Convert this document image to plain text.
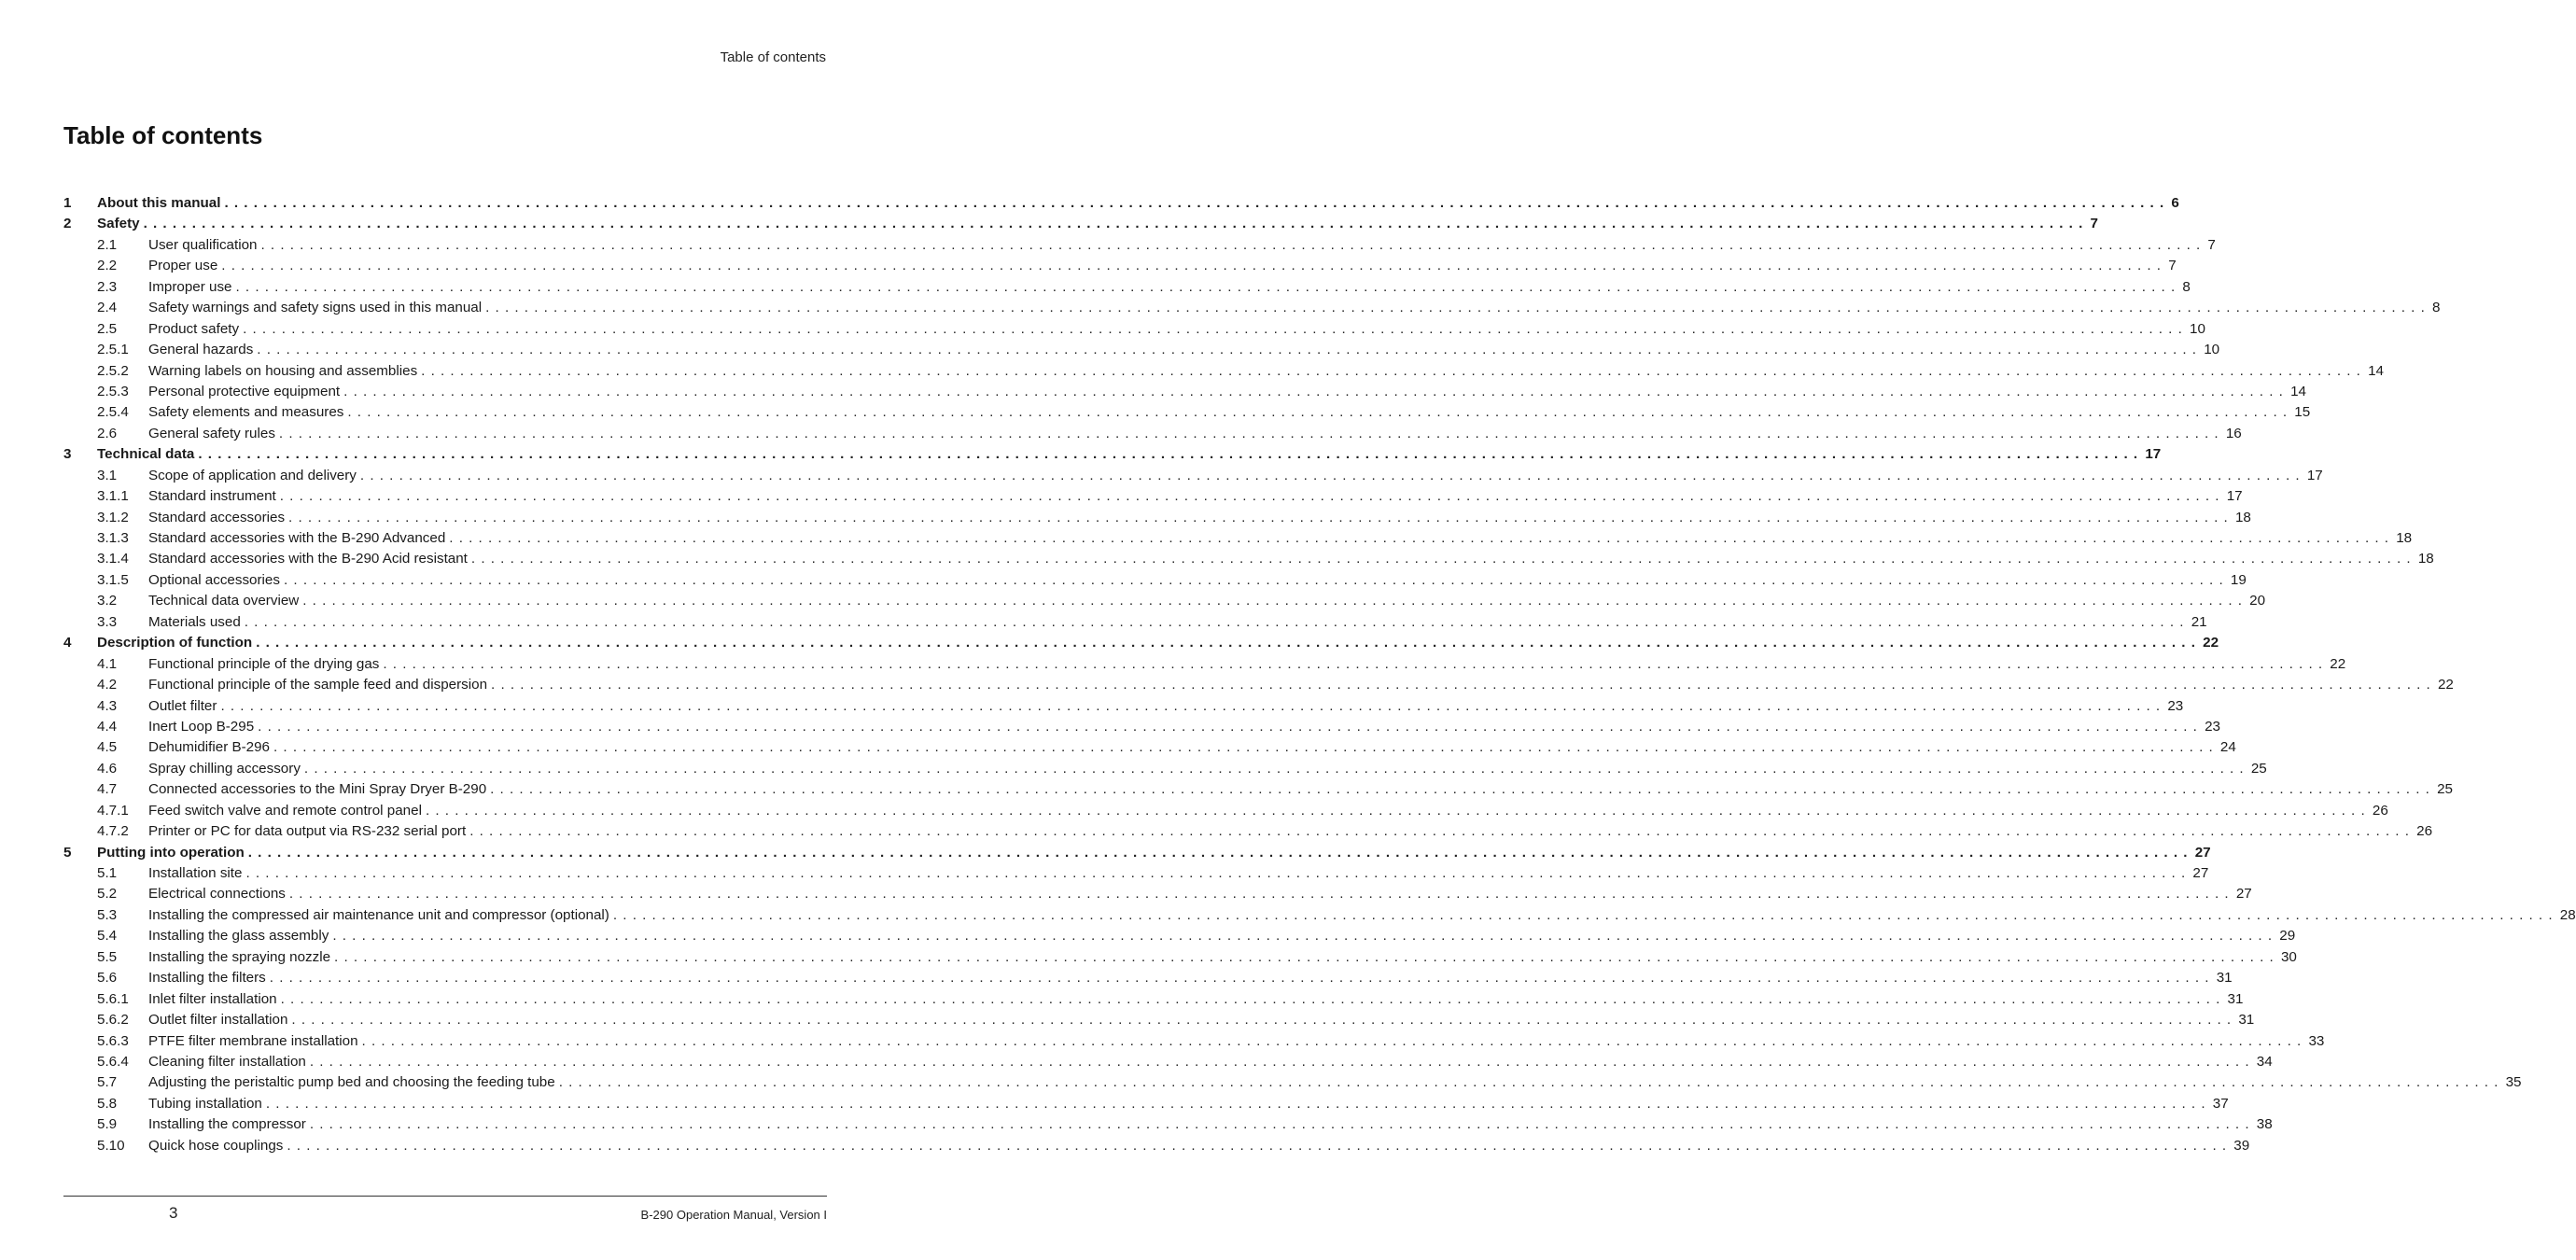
Table of contents
Table of contents
1 About this manual ........................................................................................................................................................................................................ 6
2 Safety ........................................................................................................................................................................................................ 7
2.1 User qualification ........................................................................................................................................................................................................ 7
2.2 Proper use ........................................................................................................................................................................................................ 7
2.3 Improper use ........................................................................................................................................................................................................ 8
2.4 Safety warnings and safety signs used in this manual ........................................................................................................................................................................................................ 8
2.5 Product safety ........................................................................................................................................................................................................ 10
2.5.1 General hazards ........................................................................................................................................................................................................ 10
2.5.2 Warning labels on housing and assemblies ........................................................................................................................................................................................................ 14
2.5.3 Personal protective equipment ........................................................................................................................................................................................................ 14
2.5.4 Safety elements and measures ........................................................................................................................................................................................................ 15
2.6 General safety rules ........................................................................................................................................................................................................ 16
3 Technical data ........................................................................................................................................................................................................ 17
3.1 Scope of application and delivery ........................................................................................................................................................................................................ 17
3.1.1 Standard instrument ........................................................................................................................................................................................................ 17
3.1.2 Standard accessories ........................................................................................................................................................................................................ 18
3.1.3 Standard accessories with the B-290 Advanced ........................................................................................................................................................................................................ 18
3.1.4 Standard accessories with the B-290 Acid resistant ........................................................................................................................................................................................................ 18
3.1.5 Optional accessories ........................................................................................................................................................................................................ 19
3.2 Technical data overview ........................................................................................................................................................................................................ 20
3.3 Materials used ........................................................................................................................................................................................................ 21
4 Description of function ........................................................................................................................................................................................................ 22
4.1 Functional principle of the drying gas ........................................................................................................................................................................................................ 22
4.2 Functional principle of the sample feed and dispersion ........................................................................................................................................................................................................ 22
4.3 Outlet filter ........................................................................................................................................................................................................ 23
4.4 Inert Loop B-295 ........................................................................................................................................................................................................ 23
4.5 Dehumidifier B-296 ........................................................................................................................................................................................................ 24
4.6 Spray chilling accessory ........................................................................................................................................................................................................ 25
4.7 Connected accessories to the Mini Spray Dryer B-290 ........................................................................................................................................................................................................ 25
4.7.1 Feed switch valve and remote control panel ........................................................................................................................................................................................................ 26
4.7.2 Printer or PC for data output via RS-232 serial port ........................................................................................................................................................................................................ 26
5 Putting into operation ........................................................................................................................................................................................................ 27
5.1 Installation site ........................................................................................................................................................................................................ 27
5.2 Electrical connections ........................................................................................................................................................................................................ 27
5.3 Installing the compressed air maintenance unit and compressor (optional) ........................................................................................................................................................................................................ 28
5.4 Installing the glass assembly ........................................................................................................................................................................................................ 29
5.5 Installing the spraying nozzle ........................................................................................................................................................................................................ 30
5.6 Installing the filters ........................................................................................................................................................................................................ 31
5.6.1 Inlet filter installation ........................................................................................................................................................................................................ 31
5.6.2 Outlet filter installation ........................................................................................................................................................................................................ 31
5.6.3 PTFE filter membrane installation ........................................................................................................................................................................................................ 33
5.6.4 Cleaning filter installation ........................................................................................................................................................................................................ 34
5.7 Adjusting the peristaltic pump bed and choosing the feeding tube ........................................................................................................................................................................................................ 35
5.8 Tubing installation ........................................................................................................................................................................................................ 37
5.9 Installing the compressor ........................................................................................................................................................................................................ 38
5.10 Quick hose couplings ........................................................................................................................................................................................................ 39
3	B-290 Operation Manual, Version I
